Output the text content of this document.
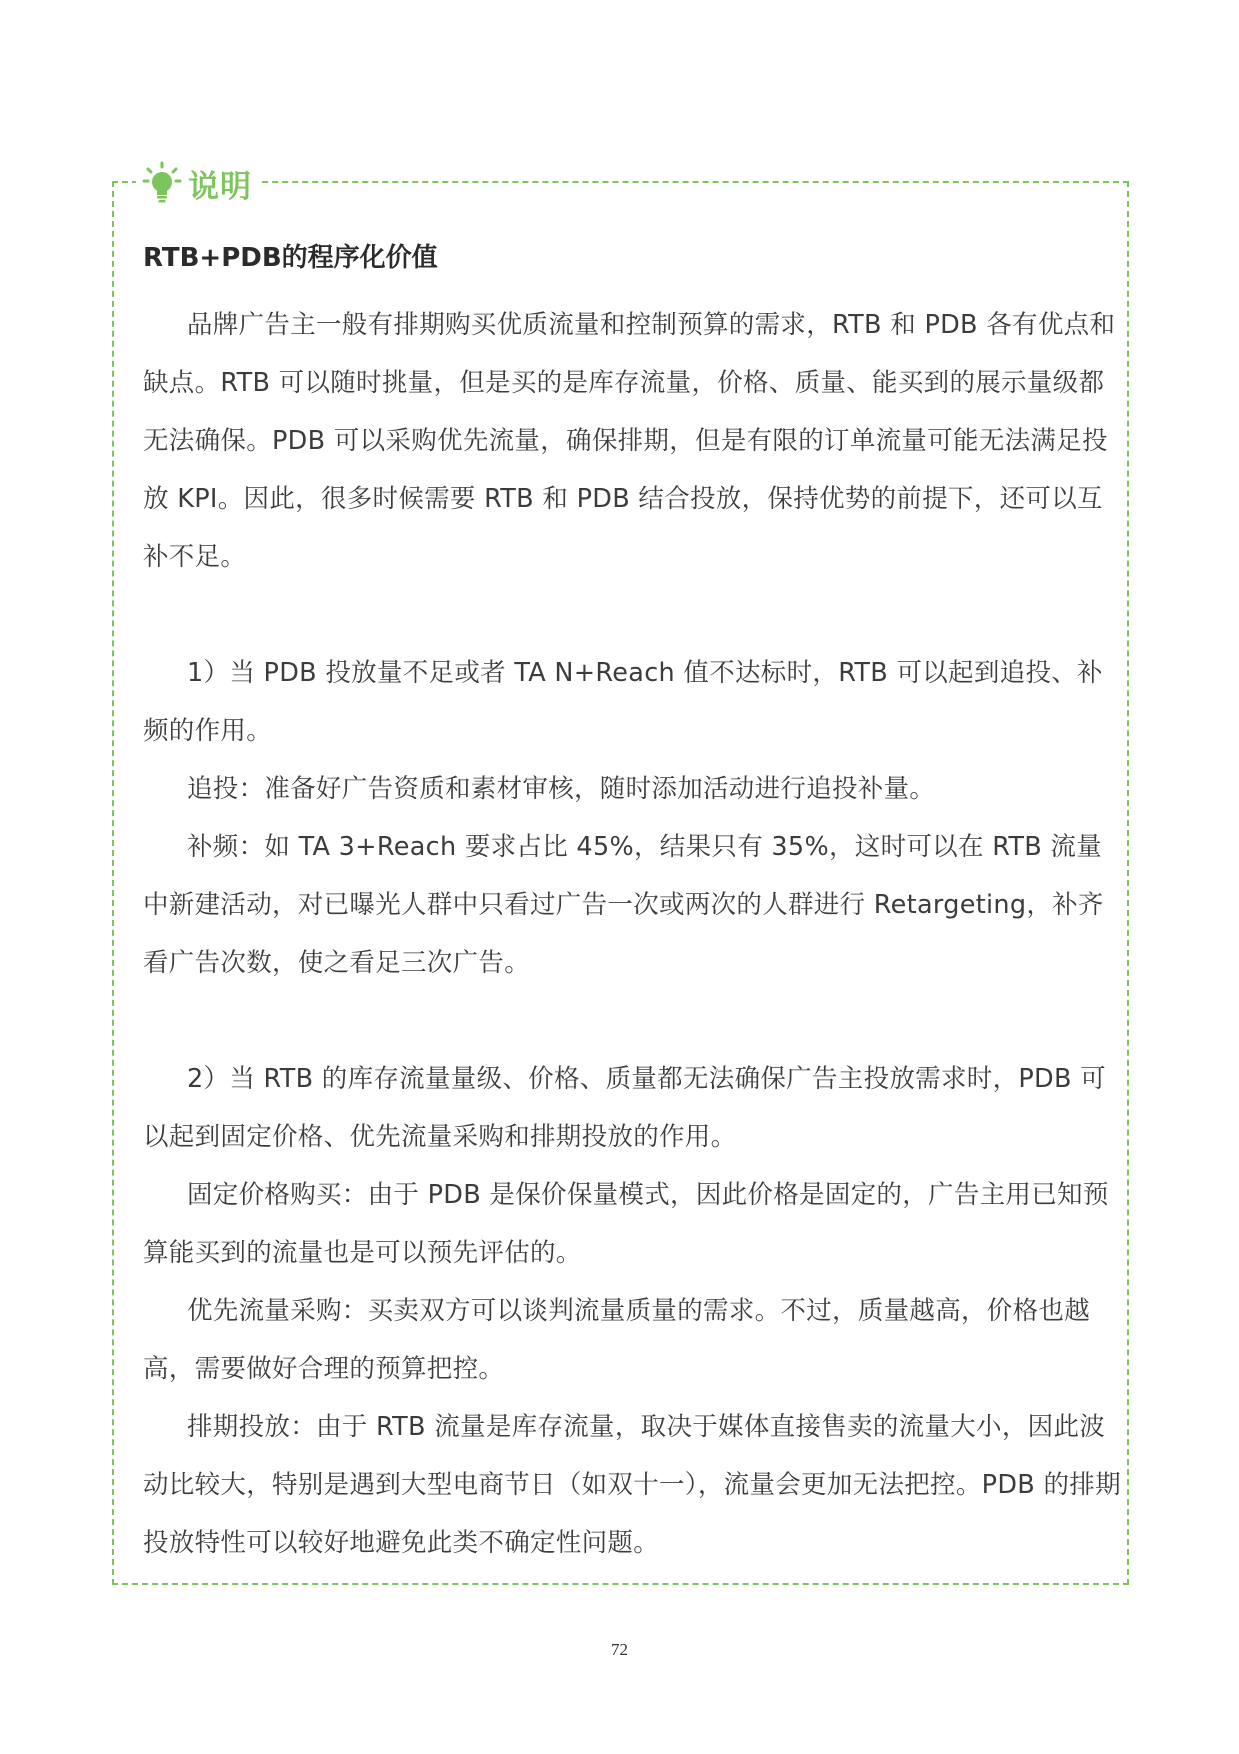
说明
RTB+PDB的程序化价值

品牌广告主一般有排期购买优质流量和控制预算的需求，RTB 和 PDB 各有优点和缺点。RTB 可以随时挑量，但是买的是库存流量，价格、质量、能买到的展示量级都无法确保。PDB 可以采购优先流量，确保排期，但是有限的订单流量可能无法满足投放 KPI。因此，很多时候需要 RTB 和 PDB 结合投放，保持优势的前提下，还可以互补不足。

1）当 PDB 投放量不足或者 TA N+Reach 值不达标时，RTB 可以起到追投、补频的作用。

追投：准备好广告资质和素材审核，随时添加活动进行追投补量。

补频：如 TA 3+Reach 要求占比 45%，结果只有 35%，这时可以在 RTB 流量中新建活动，对已曝光人群中只看过广告一次或两次的人群进行 Retargeting，补齐看广告次数，使之看足三次广告。

2）当 RTB 的库存流量量级、价格、质量都无法确保广告主投放需求时，PDB 可以起到固定价格、优先流量采购和排期投放的作用。

固定价格购买：由于 PDB 是保价保量模式，因此价格是固定的，广告主用已知预算能买到的流量也是可以预先评估的。

优先流量采购：买卖双方可以谈判流量质量的需求。不过，质量越高，价格也越高，需要做好合理的预算把控。

排期投放：由于 RTB 流量是库存流量，取决于媒体直接售卖的流量大小，因此波动比较大，特别是遇到大型电商节日（如双十一），流量会更加无法把控。PDB 的排期投放特性可以较好地避免此类不确定性问题。

72
